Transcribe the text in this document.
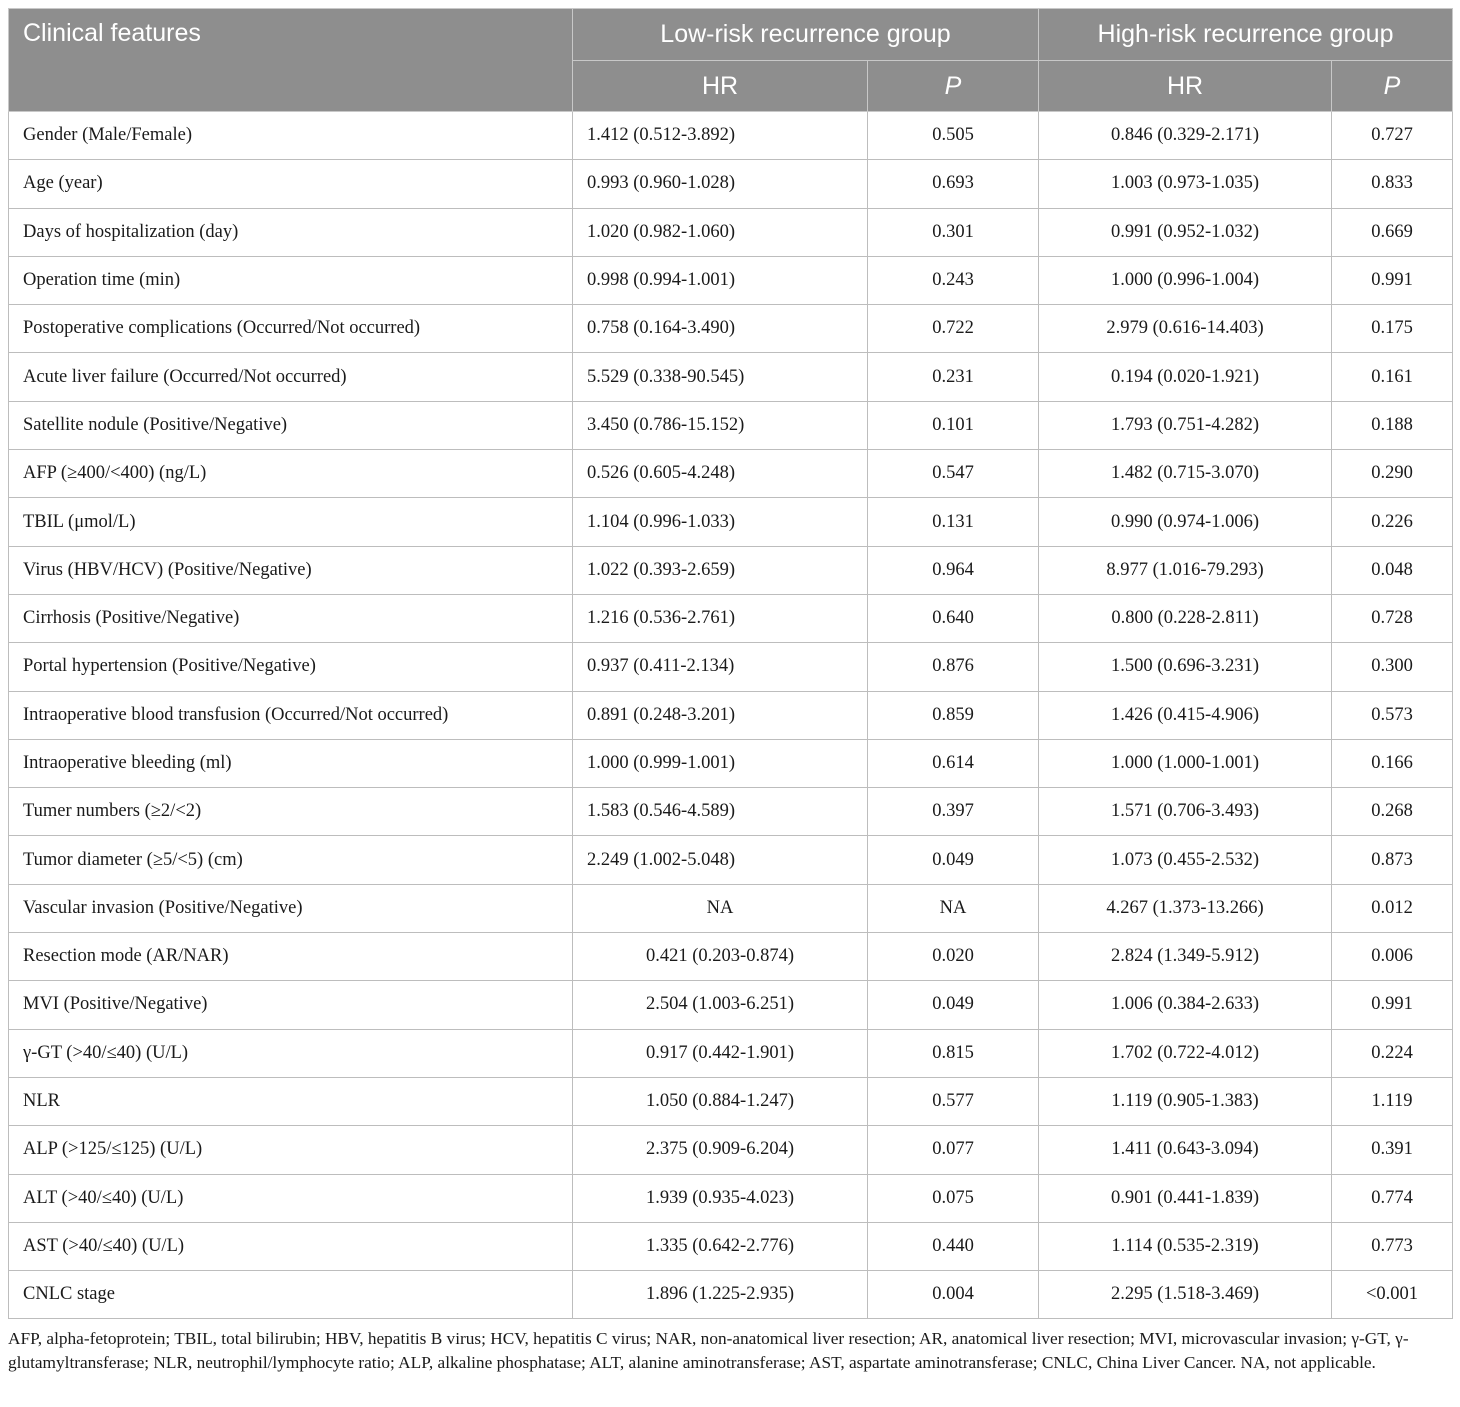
Clinical features	Low-risk recurrence group		High-risk recurrence group	
	HR	P	HR	P
Gender (Male/Female)	1.412 (0.512-3.892)	0.505	0.846 (0.329-2.171)	0.727
Age (year)	0.993 (0.960-1.028)	0.693	1.003 (0.973-1.035)	0.833
Days of hospitalization (day)	1.020 (0.982-1.060)	0.301	0.991 (0.952-1.032)	0.669
Operation time (min)	0.998 (0.994-1.001)	0.243	1.000 (0.996-1.004)	0.991
Postoperative complications (Occurred/Not occurred)	0.758 (0.164-3.490)	0.722	2.979 (0.616-14.403)	0.175
Acute liver failure (Occurred/Not occurred)	5.529 (0.338-90.545)	0.231	0.194 (0.020-1.921)	0.161
Satellite nodule (Positive/Negative)	3.450 (0.786-15.152)	0.101	1.793 (0.751-4.282)	0.188
AFP (≥400/<400) (ng/L)	0.526 (0.605-4.248)	0.547	1.482 (0.715-3.070)	0.290
TBIL (μmol/L)	1.104 (0.996-1.033)	0.131	0.990 (0.974-1.006)	0.226
Virus (HBV/HCV) (Positive/Negative)	1.022 (0.393-2.659)	0.964	8.977 (1.016-79.293)	0.048
Cirrhosis (Positive/Negative)	1.216 (0.536-2.761)	0.640	0.800 (0.228-2.811)	0.728
Portal hypertension (Positive/Negative)	0.937 (0.411-2.134)	0.876	1.500 (0.696-3.231)	0.300
Intraoperative blood transfusion (Occurred/Not occurred)	0.891 (0.248-3.201)	0.859	1.426 (0.415-4.906)	0.573
Intraoperative bleeding (ml)	1.000 (0.999-1.001)	0.614	1.000 (1.000-1.001)	0.166
Tumer numbers (≥2/<2)	1.583 (0.546-4.589)	0.397	1.571 (0.706-3.493)	0.268
Tumor diameter (≥5/<5) (cm)	2.249 (1.002-5.048)	0.049	1.073 (0.455-2.532)	0.873
Vascular invasion (Positive/Negative)	NA	NA	4.267 (1.373-13.266)	0.012
Resection mode (AR/NAR)	0.421 (0.203-0.874)	0.020	2.824 (1.349-5.912)	0.006
MVI (Positive/Negative)	2.504 (1.003-6.251)	0.049	1.006 (0.384-2.633)	0.991
γ-GT (>40/≤40) (U/L)	0.917 (0.442-1.901)	0.815	1.702 (0.722-4.012)	0.224
NLR	1.050 (0.884-1.247)	0.577	1.119 (0.905-1.383)	1.119
ALP (>125/≤125) (U/L)	2.375 (0.909-6.204)	0.077	1.411 (0.643-3.094)	0.391
ALT (>40/≤40) (U/L)	1.939 (0.935-4.023)	0.075	0.901 (0.441-1.839)	0.774
AST (>40/≤40) (U/L)	1.335 (0.642-2.776)	0.440	1.114 (0.535-2.319)	0.773
CNLC stage	1.896 (1.225-2.935)	0.004	2.295 (1.518-3.469)	<0.001
AFP, alpha-fetoprotein; TBIL, total bilirubin; HBV, hepatitis B virus; HCV, hepatitis C virus; NAR, non-anatomical liver resection; AR, anatomical liver resection; MVI, microvascular invasion; γ-GT, γ-glutamyltransferase; NLR, neutrophil/lymphocyte ratio; ALP, alkaline phosphatase; ALT, alanine aminotransferase; AST, aspartate aminotransferase; CNLC, China Liver Cancer. NA, not applicable.
